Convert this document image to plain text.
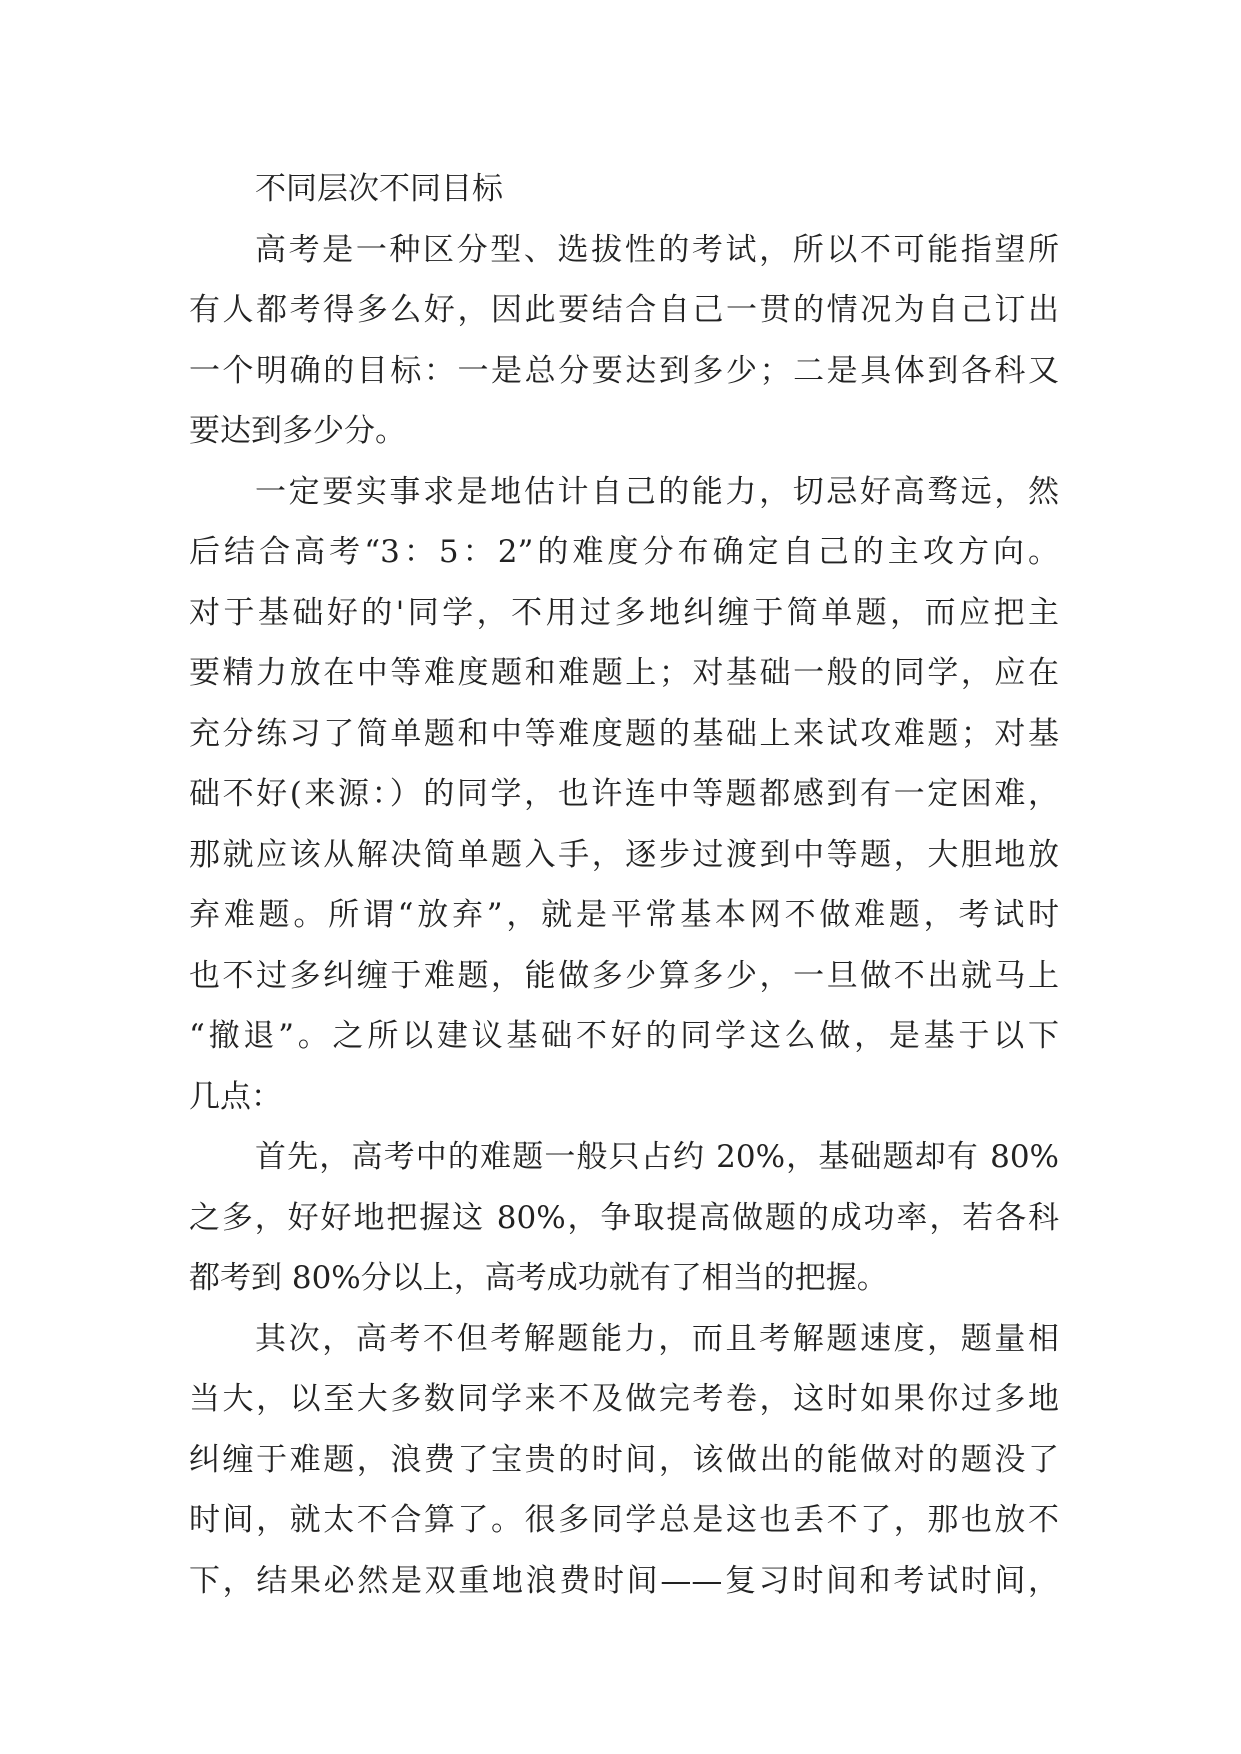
不同层次不同目标
高考是一种区分型、选拔性的考试，所以不可能指望所
有人都考得多么好，因此要结合自己一贯的情况为自己订出
一个明确的目标：一是总分要达到多少；二是具体到各科又
要达到多少分。
一定要实事求是地估计自己的能力，切忌好高骛远，然
后结合高考“3：5：2”的难度分布确定自己的主攻方向。
对于基础好的'同学，不用过多地纠缠于简单题，而应把主
要精力放在中等难度题和难题上；对基础一般的同学，应在
充分练习了简单题和中等难度题的基础上来试攻难题；对基
础不好(来源：）的同学，也许连中等题都感到有一定困难，
那就应该从解决简单题入手，逐步过渡到中等题，大胆地放
弃难题。所谓“放弃”，就是平常基本网不做难题，考试时
也不过多纠缠于难题，能做多少算多少，一旦做不出就马上
“撤退”。之所以建议基础不好的同学这么做，是基于以下
几点：
首先，高考中的难题一般只占约 20%，基础题却有 80%
之多，好好地把握这 80%，争取提高做题的成功率，若各科
都考到 80%分以上，高考成功就有了相当的把握。
其次，高考不但考解题能力，而且考解题速度，题量相
当大，以至大多数同学来不及做完考卷，这时如果你过多地
纠缠于难题，浪费了宝贵的时间，该做出的能做对的题没了
时间，就太不合算了。很多同学总是这也丢不了，那也放不
下，结果必然是双重地浪费时间——复习时间和考试时间，
